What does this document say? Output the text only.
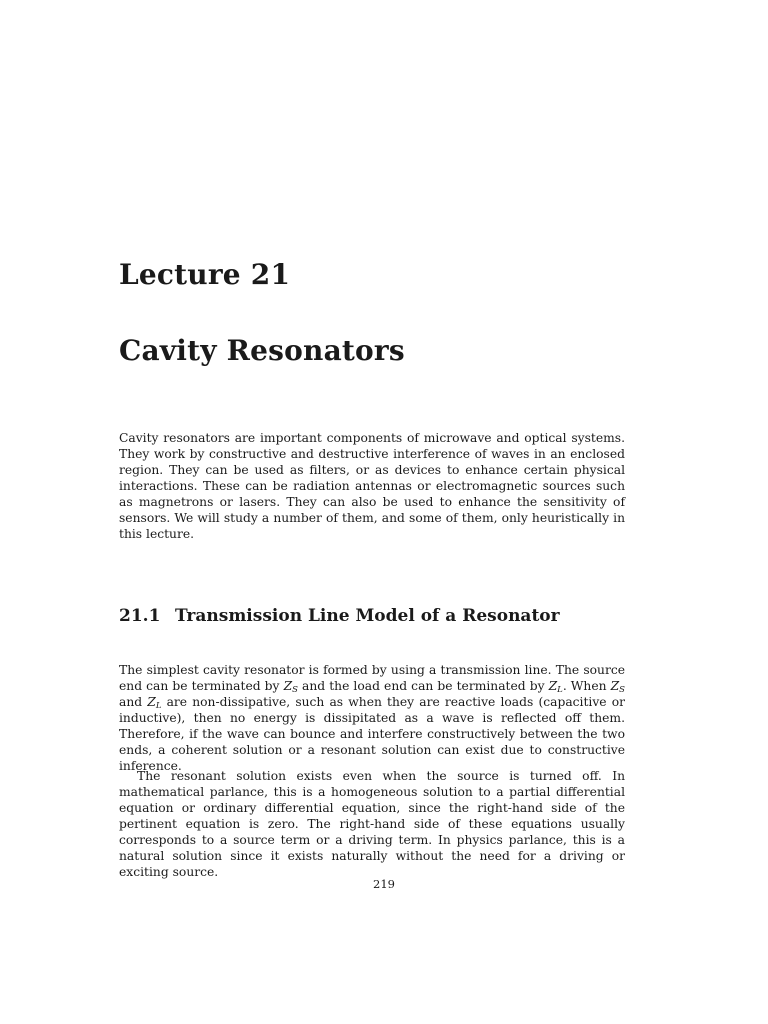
Lecture 21
Cavity Resonators

Cavity resonators are important components of microwave and optical systems. They work by constructive and destructive interference of waves in an enclosed region. They can be used as filters, or as devices to enhance certain physical interactions. These can be radiation antennas or electromagnetic sources such as magnetrons or lasers. They can also be used to enhance the sensitivity of sensors. We will study a number of them, and some of them, only heuristically in this lecture.

21.1 Transmission Line Model of a Resonator

The simplest cavity resonator is formed by using a transmission line. The source end can be terminated by $Z_S$ and the load end can be terminated by $Z_L$. When $Z_S$ and $Z_L$ are non-dissipative, such as when they are reactive loads (capacitive or inductive), then no energy is dissipitated as a wave is reflected off them. Therefore, if the wave can bounce and interfere constructively between the two ends, a coherent solution or a resonant solution can exist due to constructive inference.

The resonant solution exists even when the source is turned off. In mathematical parlance, this is a homogeneous solution to a partial differential equation or ordinary differential equation, since the right-hand side of the pertinent equation is zero. The right-hand side of these equations usually corresponds to a source term or a driving term. In physics parlance, this is a natural solution since it exists naturally without the need for a driving or exciting source.

219
